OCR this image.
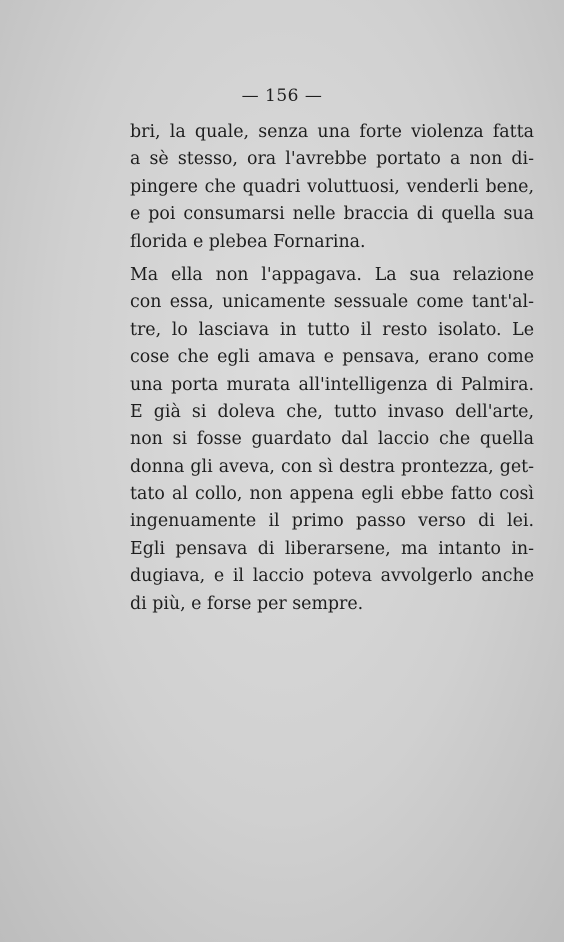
— 156 —
bri, la quale, senza una forte violenza fatta
a sè stesso, ora l'avrebbe portato a non di-
pingere che quadri voluttuosi, venderli bene,
e poi consumarsi nelle braccia di quella sua
florida e plebea Fornarina.
Ma ella non l'appagava. La sua relazione
con essa, unicamente sessuale come tant'al-
tre, lo lasciava in tutto il resto isolato. Le
cose che egli amava e pensava, erano come
una porta murata all'intelligenza di Palmira.
E già si doleva che, tutto invaso dell'arte,
non si fosse guardato dal laccio che quella
donna gli aveva, con sì destra prontezza, get-
tato al collo, non appena egli ebbe fatto così
ingenuamente il primo passo verso di lei.
Egli pensava di liberarsene, ma intanto in-
dugiava, e il laccio poteva avvolgerlo anche
di più, e forse per sempre.
